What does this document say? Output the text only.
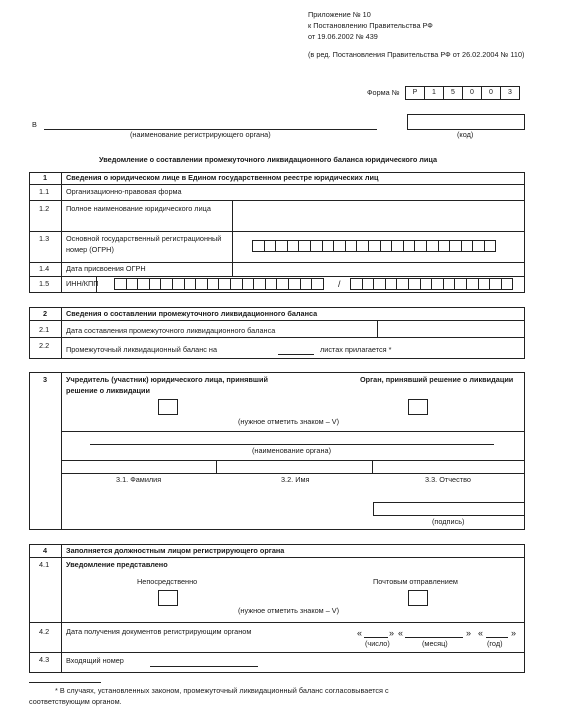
Приложение № 10
к Постановлению Правительства РФ
от 19.06.2002 № 439
(в ред. Постановления Правительства РФ от 26.02.2004 № 110)
Форма №	Р	1	5	0	0	3
В
(наименование регистрирующего органа)	(код)
Уведомление о составлении промежуточного ликвидационного баланса юридического лица
1	Сведения о юридическом лице в Едином государственном реестре юридических лиц
1.1 Организационно-правовая форма
1.2 Полное наименование юридического лица
1.3 Основной государственный регистрационный
номер (ОГРН)
1.4 Дата присвоения ОГРН
1.5 ИНН/КПП	/
2	Сведения о составлении промежуточного ликвидационного баланса
2.1 Дата составления промежуточного ликвидационного баланса
2.2 Промежуточный ликвидационный баланс на	листах прилагается *
3	Учредитель (участник) юридического лица, принявший
решение о ликвидации
Орган, принявший решение о ликвидации
(нужное отметить знаком – V)
(наименование органа)
3.1. Фамилия	3.2. Имя	3.3. Отчество
(подпись)
4	Заполняется должностным лицом регистрирующего органа
4.1 Уведомление представлено
Непосредственно	Почтовым отправлением
(нужное отметить знаком – V)
4.2 Дата получения документов регистрирующим органом	«	» «	» «	»
(число)	(месяц)	(год)
4.3 Входящий номер
* В случаях, установленных законом, промежуточный ликвидационный баланс согласовывается с
соответствующим органом.
